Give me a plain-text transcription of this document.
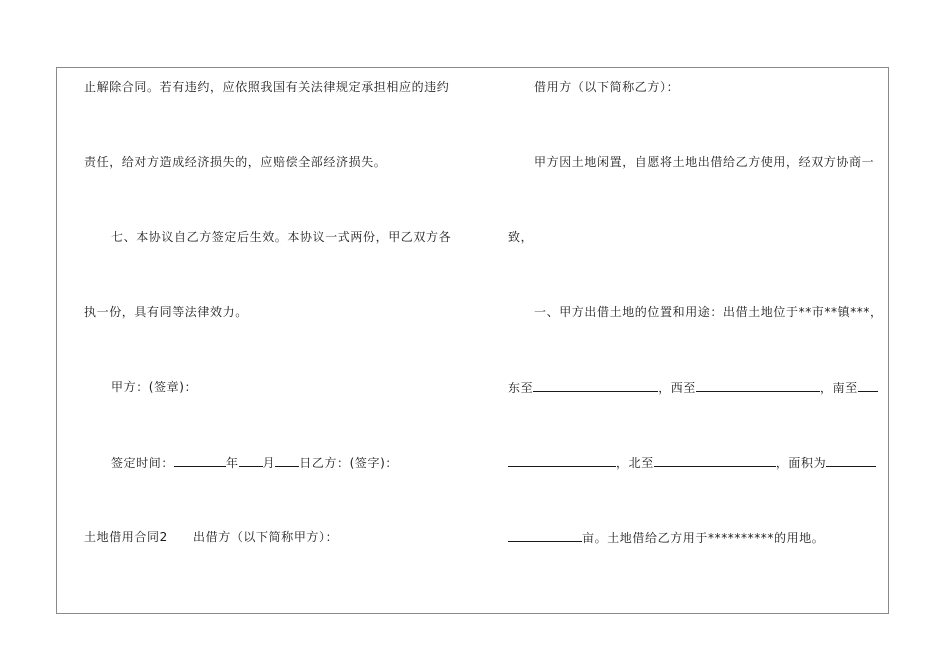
止解除合同。若有违约，应依照我国有关法律规定承担相应的违约
责任，给对方造成经济损失的，应赔偿全部经济损失。
七、本协议自乙方签定后生效。本协议一式两份，甲乙双方各
执一份，具有同等法律效力。
甲方：(签章)：
签定时间：	年 月 日乙方：(签字)：
土地借用合同2　　出借方（以下简称甲方）：
借用方（以下简称乙方）：
甲方因土地闲置，自愿将土地出借给乙方使用，经双方协商一
致，
一、甲方出借土地的位置和用途：出借土地位于**市**镇***，
东至	，西至	，南至
，北至	，面积为
亩。土地借给乙方用于**********的用地。
